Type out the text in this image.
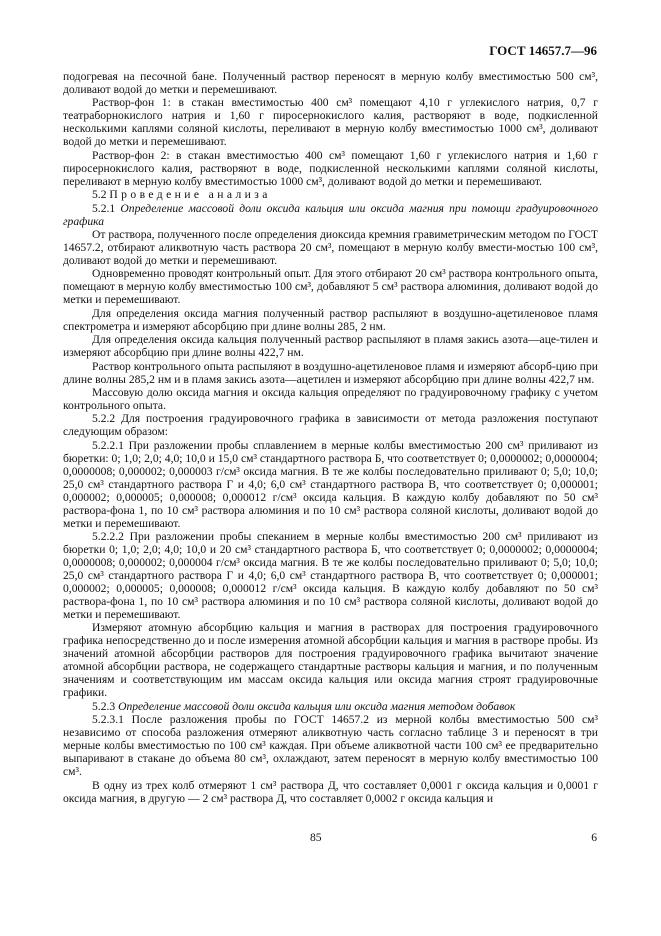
ГОСТ 14657.7—96

подогревая на песочной бане. Полученный раствор переносят в мерную колбу вместимостью 500 см³, доливают водой до метки и перемешивают.

Раствор-фон 1: в стакан вместимостью 400 см³ помещают 4,10 г углекислого натрия, 0,7 г театраборнокислого натрия и 1,60 г пиросернокислого калия, растворяют в воде, подкисленной несколькими каплями соляной кислоты, переливают в мерную колбу вместимостью 1000 см³, доливают водой до метки и перемешивают.

Раствор-фон 2: в стакан вместимостью 400 см³ помещают 1,60 г углекислого натрия и 1,60 г пиросернокислого калия, растворяют в воде, подкисленной несколькими каплями соляной кислоты, переливают в мерную колбу вместимостью 1000 см³, доливают водой до метки и перемешивают.

5.2 Проведение анализа

5.2.1 Определение массовой доли оксида кальция или оксида магния при помощи градуировочного графика

От раствора, полученного после определения диоксида кремния гравиметрическим методом по ГОСТ 14657.2, отбирают аликвотную часть раствора 20 см³, помещают в мерную колбу вмести-мостью 100 см³, доливают водой до метки и перемешивают.

Одновременно проводят контрольный опыт. Для этого отбирают 20 см³ раствора контрольного опыта, помещают в мерную колбу вместимостью 100 см³, добавляют 5 см³ раствора алюминия, доливают водой до метки и перемешивают.

Для определения оксида магния полученный раствор распыляют в воздушно-ацетиленовое пламя спектрометра и измеряют абсорбцию при длине волны 285, 2 нм.

Для определения оксида кальция полученный раствор распыляют в пламя закись азота—аце-тилен и измеряют абсорбцию при длине волны 422,7 нм.

Раствор контрольного опыта распыляют в воздушно-ацетиленовое пламя и измеряют абсорб-цию при длине волны 285,2 нм и в пламя закись азота—ацетилен и измеряют абсорбцию при длине волны 422,7 нм.

Массовую долю оксида магния и оксида кальция определяют по градуировочному графику с учетом контрольного опыта.

5.2.2 Для построения градуировочного графика в зависимости от метода разложения поступают следующим образом:

5.2.2.1 При разложении пробы сплавлением в мерные колбы вместимостью 200 см³ приливают из бюретки: 0; 1,0; 2,0; 4,0; 10,0 и 15,0 см³ стандартного раствора Б, что соответствует 0; 0,0000002; 0,0000004; 0,0000008; 0,000002; 0,000003 г/см³ оксида магния. В те же колбы последовательно приливают 0; 5,0; 10,0; 25,0 см³ стандартного раствора Г и 4,0; 6,0 см³ стандартного раствора В, что соответствует 0; 0,000001; 0,000002; 0,000005; 0,000008; 0,000012 г/см³ оксида кальция. В каждую колбу добавляют по 50 см³ раствора-фона 1, по 10 см³ раствора алюминия и по 10 см³ раствора соляной кислоты, доливают водой до метки и перемешивают.

5.2.2.2 При разложении пробы спеканием в мерные колбы вместимостью 200 см³ приливают из бюретки 0; 1,0; 2,0; 4,0; 10,0 и 20 см³ стандартного раствора Б, что соответствует 0; 0,0000002; 0,0000004; 0,0000008; 0,000002; 0,000004 г/см³ оксида магния. В те же колбы последовательно приливают 0; 5,0; 10,0; 25,0 см³ стандартного раствора Г и 4,0; 6,0 см³ стандартного раствора В, что соответствует 0; 0,000001; 0,000002; 0,000005; 0,000008; 0,000012 г/см³ оксида кальция. В каждую колбу добавляют по 50 см³ раствора-фона 1, по 10 см³ раствора алюминия и по 10 см³ раствора соляной кислоты, доливают водой до метки и перемешивают.

Измеряют атомную абсорбцию кальция и магния в растворах для построения градуировочного графика непосредственно до и после измерения атомной абсорбции кальция и магния в растворе пробы. Из значений атомной абсорбции растворов для построения градуировочного графика вычитают значение атомной абсорбции раствора, не содержащего стандартные растворы кальция и магния, и по полученным значениям и соответствующим им массам оксида кальция или оксида магния строят градуировочные графики.

5.2.3 Определение массовой доли оксида кальция или оксида магния методом добавок

5.2.3.1 После разложения пробы по ГОСТ 14657.2 из мерной колбы вместимостью 500 см³ независимо от способа разложения отмеряют аликвотную часть согласно таблице 3 и переносят в три мерные колбы вместимостью по 100 см³ каждая. При объеме аликвотной части 100 см³ ее предварительно выпаривают в стакане до объема 80 см³, охлаждают, затем переносят в мерную колбу вместимостью 100 см³.

В одну из трех колб отмеряют 1 см³ раствора Д, что составляет 0,0001 г оксида кальция и 0,0001 г оксида магния, в другую — 2 см³ раствора Д, что составляет 0,0002 г оксида кальция и

85	6
